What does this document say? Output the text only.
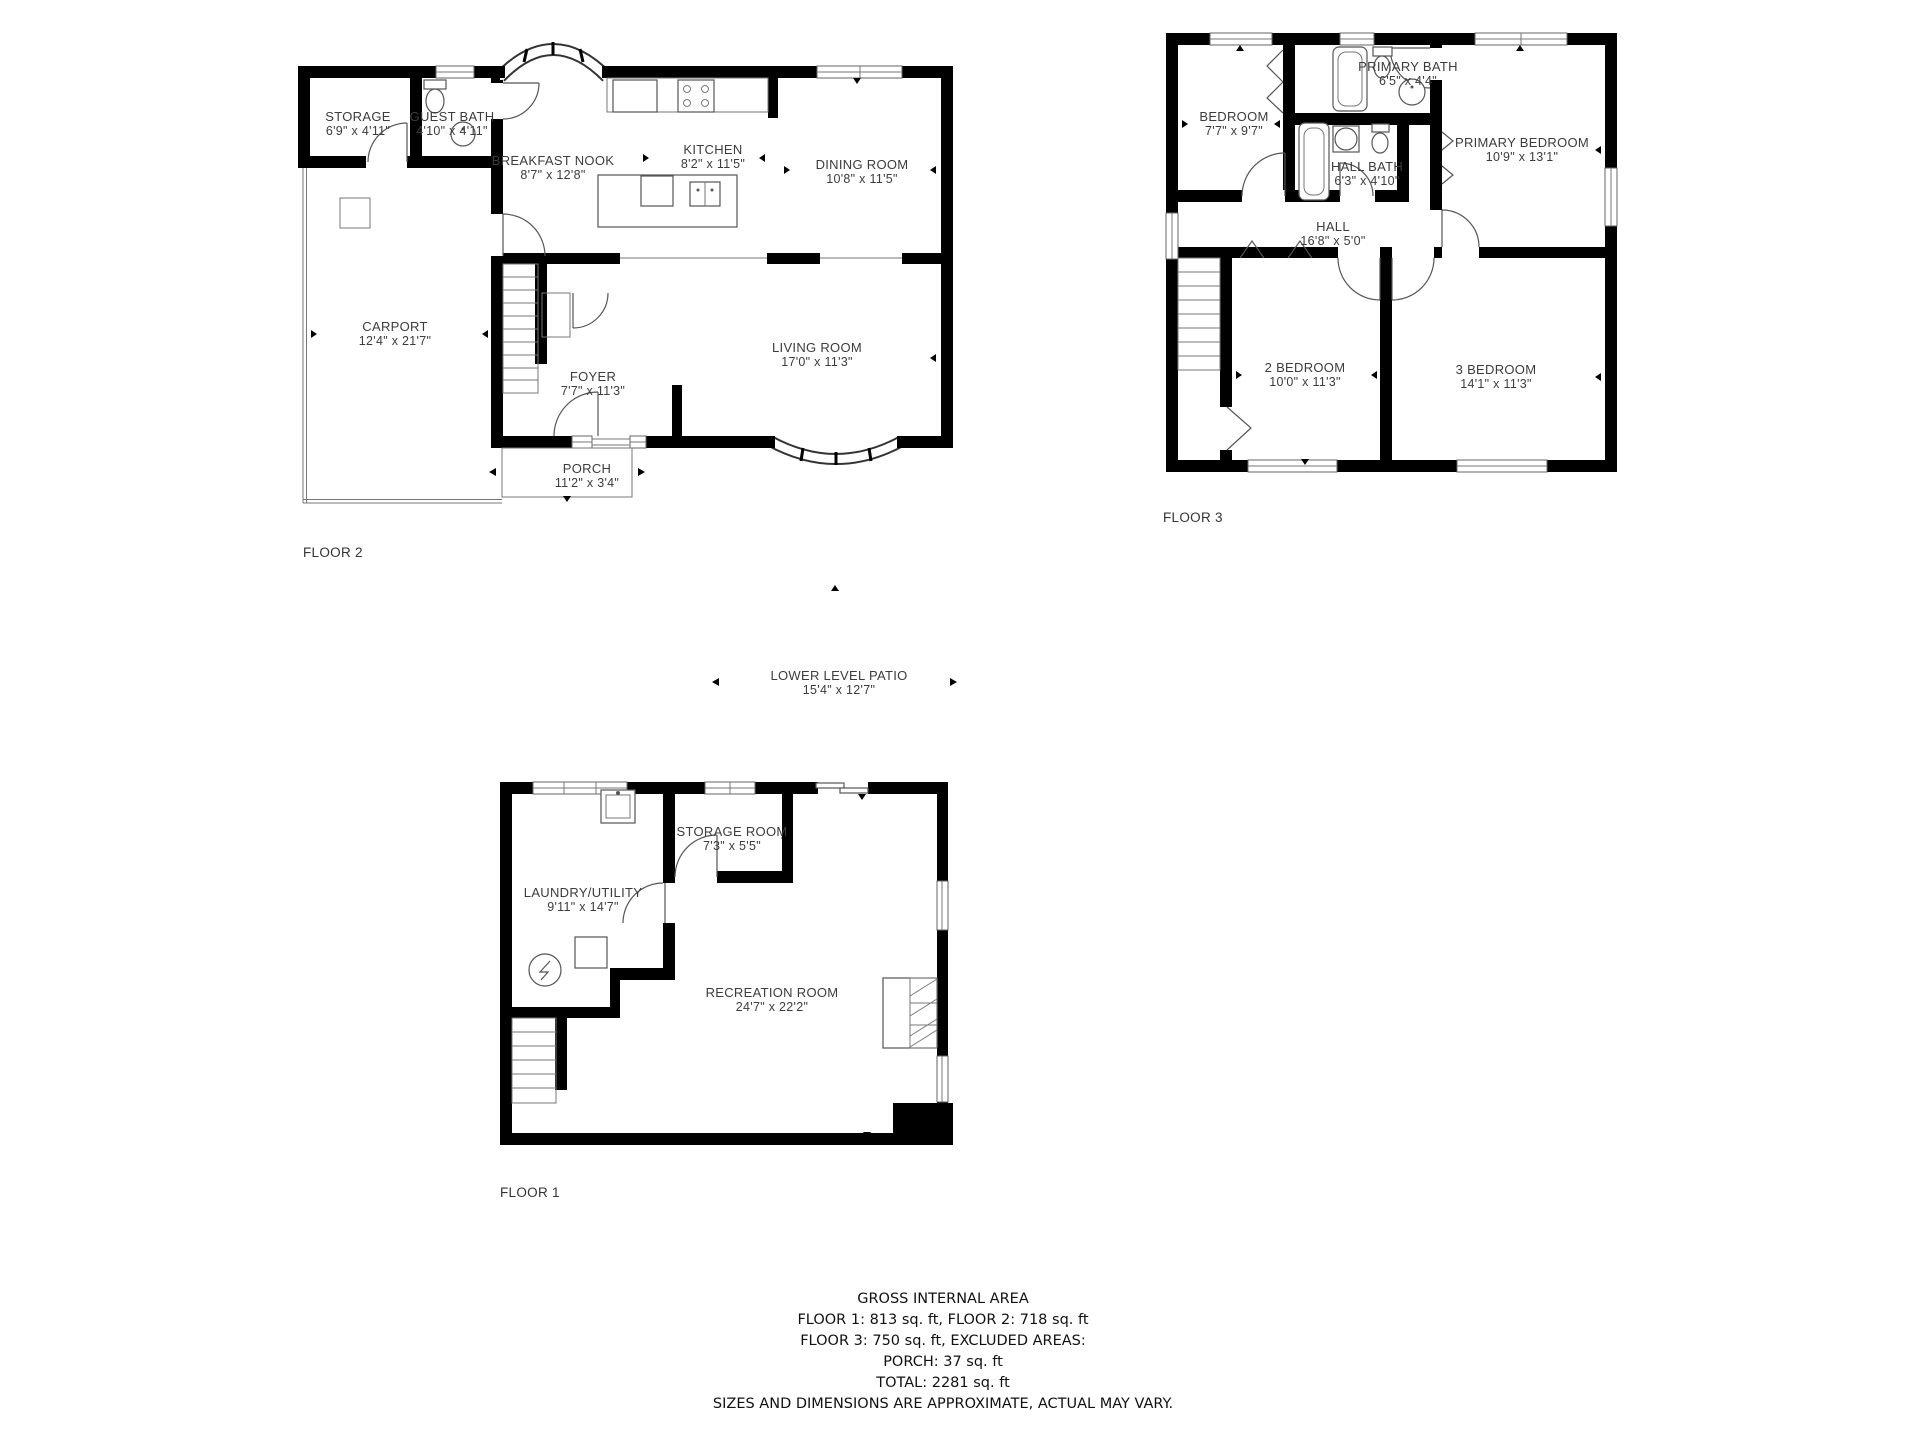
STORAGE
6'9" x 4'11"
GUEST BATH
4'10" x 4'11"
BREAKFAST NOOK
8'7" x 12'8"
KITCHEN
8'2" x 11'5"	DINING ROOM
10'8" x 11'5"
CARPORT
12'4" x 21'7"
FOYER
7'7" x 11'3"
LIVING ROOM
17'0" x 11'3"
PORCH
11'2" x 3'4"
BEDROOM
7'7" x 9'7"
PRIMARY BATH
6'5" x 4'4"
PRIMARY BEDROOM
10'9" x 13'1"
HALL BATH
6'3" x 4'10"
HALL
16'8" x 5'0"
2 BEDROOM
10'0" x 11'3"
3 BEDROOM
14'1" x 11'3"
LAUNDRY/UTILITY
9'11" x 14'7"
STORAGE ROOM
7'3" x 5'5"
RECREATION ROOM
24'7" x 22'2"
LOWER LEVEL PATIO
15'4" x 12'7"
FLOOR 2
FLOOR 3
FLOOR 1
GROSS INTERNAL AREA
FLOOR 1: 813 sq. ft, FLOOR 2: 718 sq. ft
FLOOR 3: 750 sq. ft, EXCLUDED AREAS:
PORCH: 37 sq. ft
TOTAL: 2281 sq. ft
SIZES AND DIMENSIONS ARE APPROXIMATE, ACTUAL MAY VARY.
